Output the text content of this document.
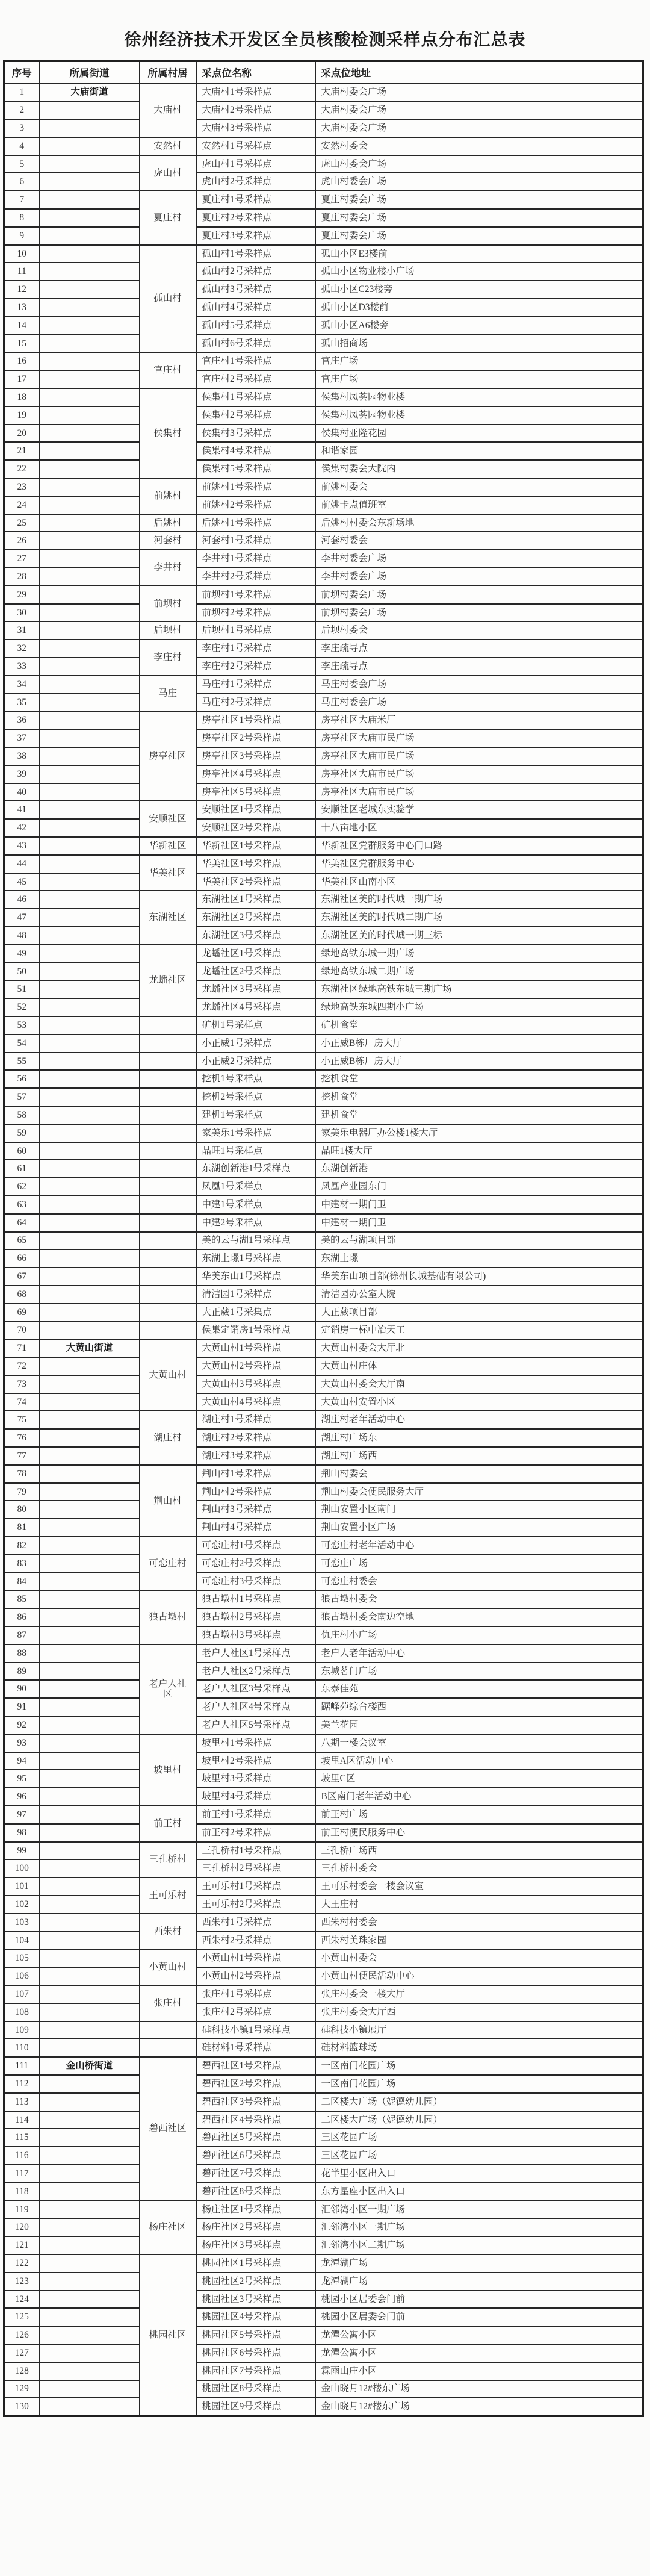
徐州经济技术开发区全员核酸检测采样点分布汇总表
序号	所属街道	所属村居	采点位名称	采点位地址
1	大庙街道	大庙村	大庙村1号采样点	大庙村委会广场
2			大庙村2号采样点	大庙村委会广场
3			大庙村3号采样点	大庙村委会广场
4		安然村	安然村1号采样点	安然村委会
5		虎山村	虎山村1号采样点	虎山村委会广场
6			虎山村2号采样点	虎山村委会广场
7		夏庄村	夏庄村1号采样点	夏庄村委会广场
8			夏庄村2号采样点	夏庄村委会广场
9			夏庄村3号采样点	夏庄村委会广场
10		孤山村	孤山村1号采样点	孤山小区E3楼前
11			孤山村2号采样点	孤山小区物业楼小广场
12			孤山村3号采样点	孤山小区C23楼旁
13			孤山村4号采样点	孤山小区D3楼前
14			孤山村5号采样点	孤山小区A6楼旁
15			孤山村6号采样点	孤山招商场
16		官庄村	官庄村1号采样点	官庄广场
17			官庄村2号采样点	官庄广场
18		侯集村	侯集村1号采样点	侯集村凤荟园物业楼
19			侯集村2号采样点	侯集村凤荟园物业楼
20			侯集村3号采样点	侯集村亚隆花园
21			侯集村4号采样点	和谐家园
22			侯集村5号采样点	侯集村委会大院内
23		前姚村	前姚村1号采样点	前姚村委会
24			前姚村2号采样点	前姚卡点值班室
25		后姚村	后姚村1号采样点	后姚村村委会东新场地
26		河套村	河套村1号采样点	河套村委会
27		李井村	李井村1号采样点	李井村委会广场
28			李井村2号采样点	李井村委会广场
29		前坝村	前坝村1号采样点	前坝村委会广场
30			前坝村2号采样点	前坝村委会广场
31		后坝村	后坝村1号采样点	后坝村委会
32		李庄村	李庄村1号采样点	李庄疏导点
33			李庄村2号采样点	李庄疏导点
34		马庄	马庄村1号采样点	马庄村委会广场
35			马庄村2号采样点	马庄村委会广场
36		房亭社区	房亭社区1号采样点	房亭社区大庙米厂
37			房亭社区2号采样点	房亭社区大庙市民广场
38			房亭社区3号采样点	房亭社区大庙市民广场
39			房亭社区4号采样点	房亭社区大庙市民广场
40			房亭社区5号采样点	房亭社区大庙市民广场
41		安顺社区	安顺社区1号采样点	安顺社区老城东实验学
42			安顺社区2号采样点	十八亩地小区
43		华新社区	华新社区1号采样点	华新社区党群服务中心门口路
44		华美社区	华美社区1号采样点	华美社区党群服务中心
45			华美社区2号采样点	华美社区山南小区
46		东湖社区	东湖社区1号采样点	东湖社区美的时代城一期广场
47			东湖社区2号采样点	东湖社区美的时代城二期广场
48			东湖社区3号采样点	东湖社区美的时代城一期三标
49		龙蟠社区	龙蟠社区1号采样点	绿地高铁东城一期广场
50			龙蟠社区2号采样点	绿地高铁东城二期广场
51			龙蟠社区3号采样点	东湖社区绿地高铁东城三期广场
52			龙蟠社区4号采样点	绿地高铁东城四期小广场
53			矿机1号采样点	矿机食堂
54			小正威1号采样点	小正威B栋厂房大厅
55			小正威2号采样点	小正威B栋厂房大厅
56			挖机1号采样点	挖机食堂
57			挖机2号采样点	挖机食堂
58			建机1号采样点	建机食堂
59			家美乐1号采样点	家美乐电器厂办公楼1楼大厅
60			晶旺1号采样点	晶旺1楼大厅
61			东湖创新港1号采样点	东湖创新港
62			凤凰1号采样点	凤凰产业园东门
63			中建1号采样点	中建材一期门卫
64			中建2号采样点	中建材一期门卫
65			美的云与湖1号采样点	美的云与湖项目部
66			东湖上璟1号采样点	东湖上璟
67			华美东山1号采样点	华美东山项目部(徐州长城基础有限公司)
68			清洁园1号采样点	清洁园办公室大院
69			大正葳1号采集点	大正葳项目部
70			侯集定销房1号采样点	定销房一标中冶天工
71	大黄山街道	大黄山村	大黄山村1号采样点	大黄山村委会大厅北
72			大黄山村2号采样点	大黄山村庄体
73			大黄山村3号采样点	大黄山村委会大厅南
74			大黄山村4号采样点	大黄山村安置小区
75		湖庄村	湖庄村1号采样点	湖庄村老年活动中心
76			湖庄村2号采样点	湖庄村广场东
77			湖庄村3号采样点	湖庄村广场西
78		荆山村	荆山村1号采样点	荆山村委会
79			荆山村2号采样点	荆山村委会便民服务大厅
80			荆山村3号采样点	荆山安置小区南门
81			荆山村4号采样点	荆山安置小区广场
82		可恋庄村	可恋庄村1号采样点	可恋庄村老年活动中心
83			可恋庄村2号采样点	可恋庄广场
84			可恋庄村3号采样点	可恋庄村委会
85		狼古墩村	狼古墩村1号采样点	狼古墩村委会
86			狼古墩村2号采样点	狼古墩村委会南边空地
87			狼古墩村3号采样点	仇庄村小广场
88		老户人社区	老户人社区1号采样点	老户人老年活动中心
89			老户人社区2号采样点	东城茗门广场
90			老户人社区3号采样点	东泰佳苑
91			老户人社区4号采样点	踞峰苑综合楼西
92			老户人社区5号采样点	美兰花园
93		坡里村	坡里村1号采样点	八期一楼会议室
94			坡里村2号采样点	坡里A区活动中心
95			坡里村3号采样点	坡里C区
96			坡里村4号采样点	B区南门老年活动中心
97		前王村	前王村1号采样点	前王村广场
98			前王村2号采样点	前王村便民服务中心
99		三孔桥村	三孔桥村1号采样点	三孔桥广场西
100			三孔桥村2号采样点	三孔桥村委会
101		王可乐村	王可乐村1号采样点	王可乐村委会一楼会议室
102			王可乐村2号采样点	大王庄村
103		西朱村	西朱村1号采样点	西朱村村委会
104			西朱村2号采样点	西朱村美珠家园
105		小黄山村	小黄山村1号采样点	小黄山村委会
106			小黄山村2号采样点	小黄山村便民活动中心
107		张庄村	张庄村1号采样点	张庄村委会一楼大厅
108			张庄村2号采样点	张庄村委会大厅西
109			硅科技小镇1号采样点	硅科技小镇展厅
110			硅材料1号采样点	硅材料篮球场
111	金山桥街道	碧西社区	碧西社区1号采样点	一区南门花园广场
112			碧西社区2号采样点	一区南门花园广场
113			碧西社区3号采样点	二区楼大广场（妮德幼儿园）
114			碧西社区4号采样点	二区楼大广场（妮德幼儿园）
115			碧西社区5号采样点	三区花园广场
116			碧西社区6号采样点	三区花园广场
117			碧西社区7号采样点	花半里小区出入口
118			碧西社区8号采样点	东方星座小区出入口
119		杨庄社区	杨庄社区1号采样点	汇邻湾小区一期广场
120			杨庄社区2号采样点	汇邻湾小区一期广场
121			杨庄社区3号采样点	汇邻湾小区二期广场
122		桃园社区	桃园社区1号采样点	龙潭湖广场
123			桃园社区2号采样点	龙潭湖广场
124			桃园社区3号采样点	桃园小区居委会门前
125			桃园社区4号采样点	桃园小区居委会门前
126			桃园社区5号采样点	龙潭公寓小区
127			桃园社区6号采样点	龙潭公寓小区
128			桃园社区7号采样点	霖雨山庄小区
129			桃园社区8号采样点	金山晓月12#楼东广场
130			桃园社区9号采样点	金山晓月12#楼东广场
